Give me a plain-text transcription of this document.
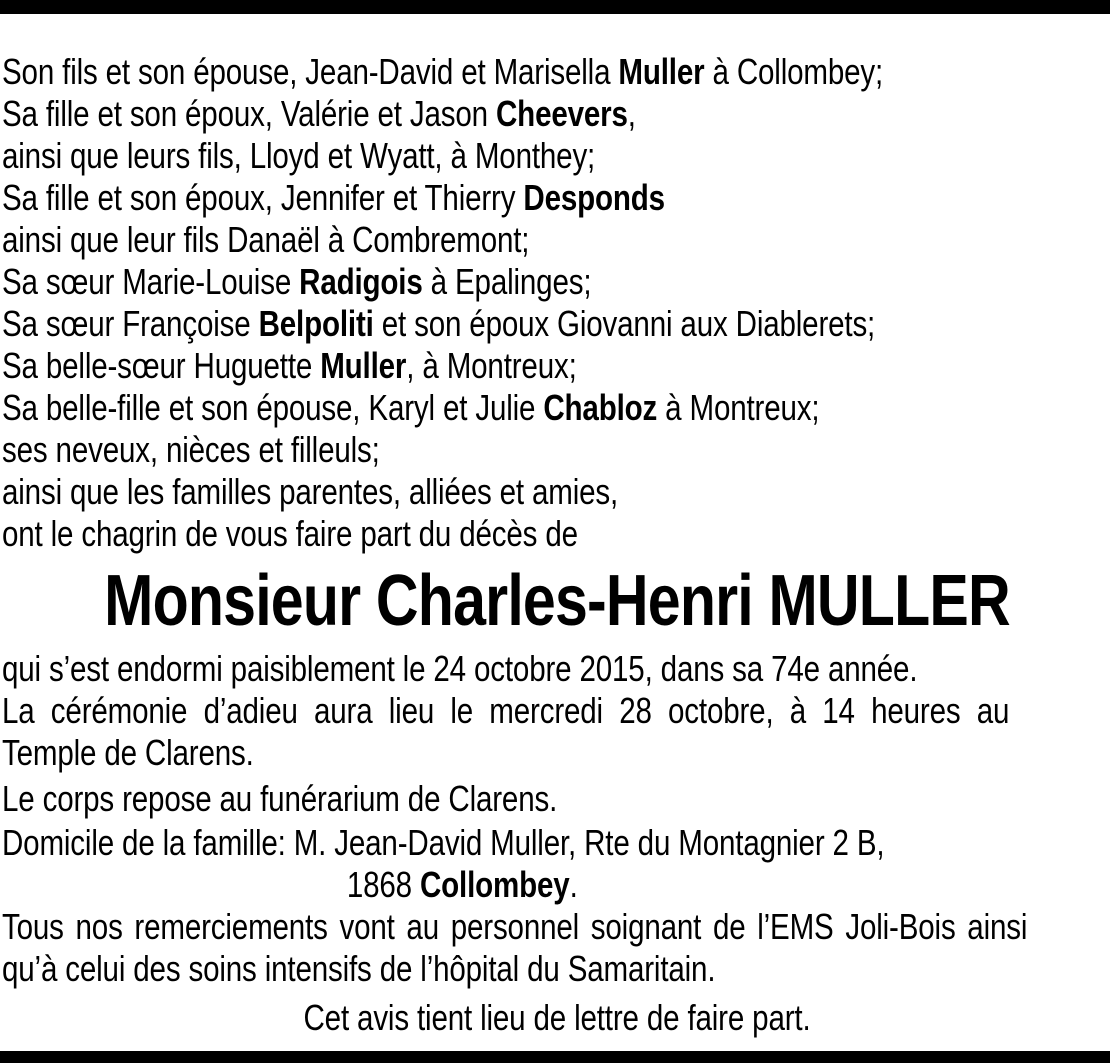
Son fils et son épouse, Jean-David et Marisella Muller à Collombey;
Sa fille et son époux, Valérie et Jason Cheevers,
ainsi que leurs fils, Lloyd et Wyatt, à Monthey;
Sa fille et son époux, Jennifer et Thierry Desponds
ainsi que leur fils Danaël à Combremont;
Sa sœur Marie-Louise Radigois à Epalinges;
Sa sœur Françoise Belpoliti et son époux Giovanni aux Diablerets;
Sa belle-sœur Huguette Muller, à Montreux;
Sa belle-fille et son épouse, Karyl et Julie Chabloz à Montreux;
ses neveux, nièces et filleuls;
ainsi que les familles parentes, alliées et amies,
ont le chagrin de vous faire part du décès de
Monsieur Charles-Henri MULLER
qui s’est endormi paisiblement le 24 octobre 2015, dans sa 74e année.
La cérémonie d’adieu aura lieu le mercredi 28 octobre, à 14 heures au
Temple de Clarens.
Le corps repose au funérarium de Clarens.
Domicile de la famille: M. Jean-David Muller, Rte du Montagnier 2 B,
1868 Collombey.
Tous nos remerciements vont au personnel soignant de l’EMS Joli-Bois ainsi
qu’à celui des soins intensifs de l’hôpital du Samaritain.
Cet avis tient lieu de lettre de faire part.
